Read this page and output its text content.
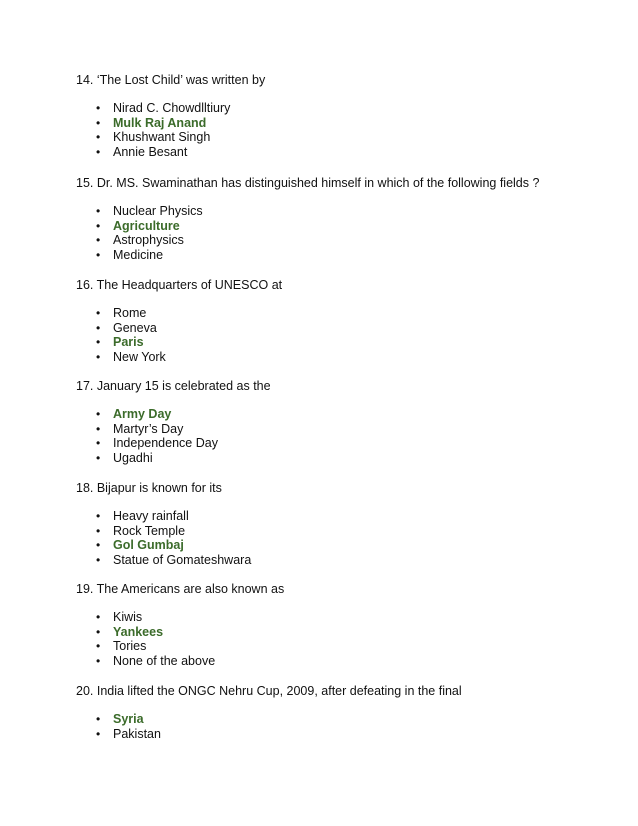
14. ‘The Lost Child’ was written by

• Nirad C. Chowdlltiury
• Mulk Raj Anand
• Khushwant Singh
• Annie Besant

15. Dr. MS. Swaminathan has distinguished himself in which of the following fields ?

• Nuclear Physics
• Agriculture
• Astrophysics
• Medicine

16. The Headquarters of UNESCO at

• Rome
• Geneva
• Paris
• New York

17. January 15 is celebrated as the

• Army Day
• Martyr’s Day
• Independence Day
• Ugadhi

18. Bijapur is known for its

• Heavy rainfall
• Rock Temple
• Gol Gumbaj
• Statue of Gomateshwara

19. The Americans are also known as

• Kiwis
• Yankees
• Tories
• None of the above

20. India lifted the ONGC Nehru Cup, 2009, after defeating in the final

• Syria
• Pakistan
